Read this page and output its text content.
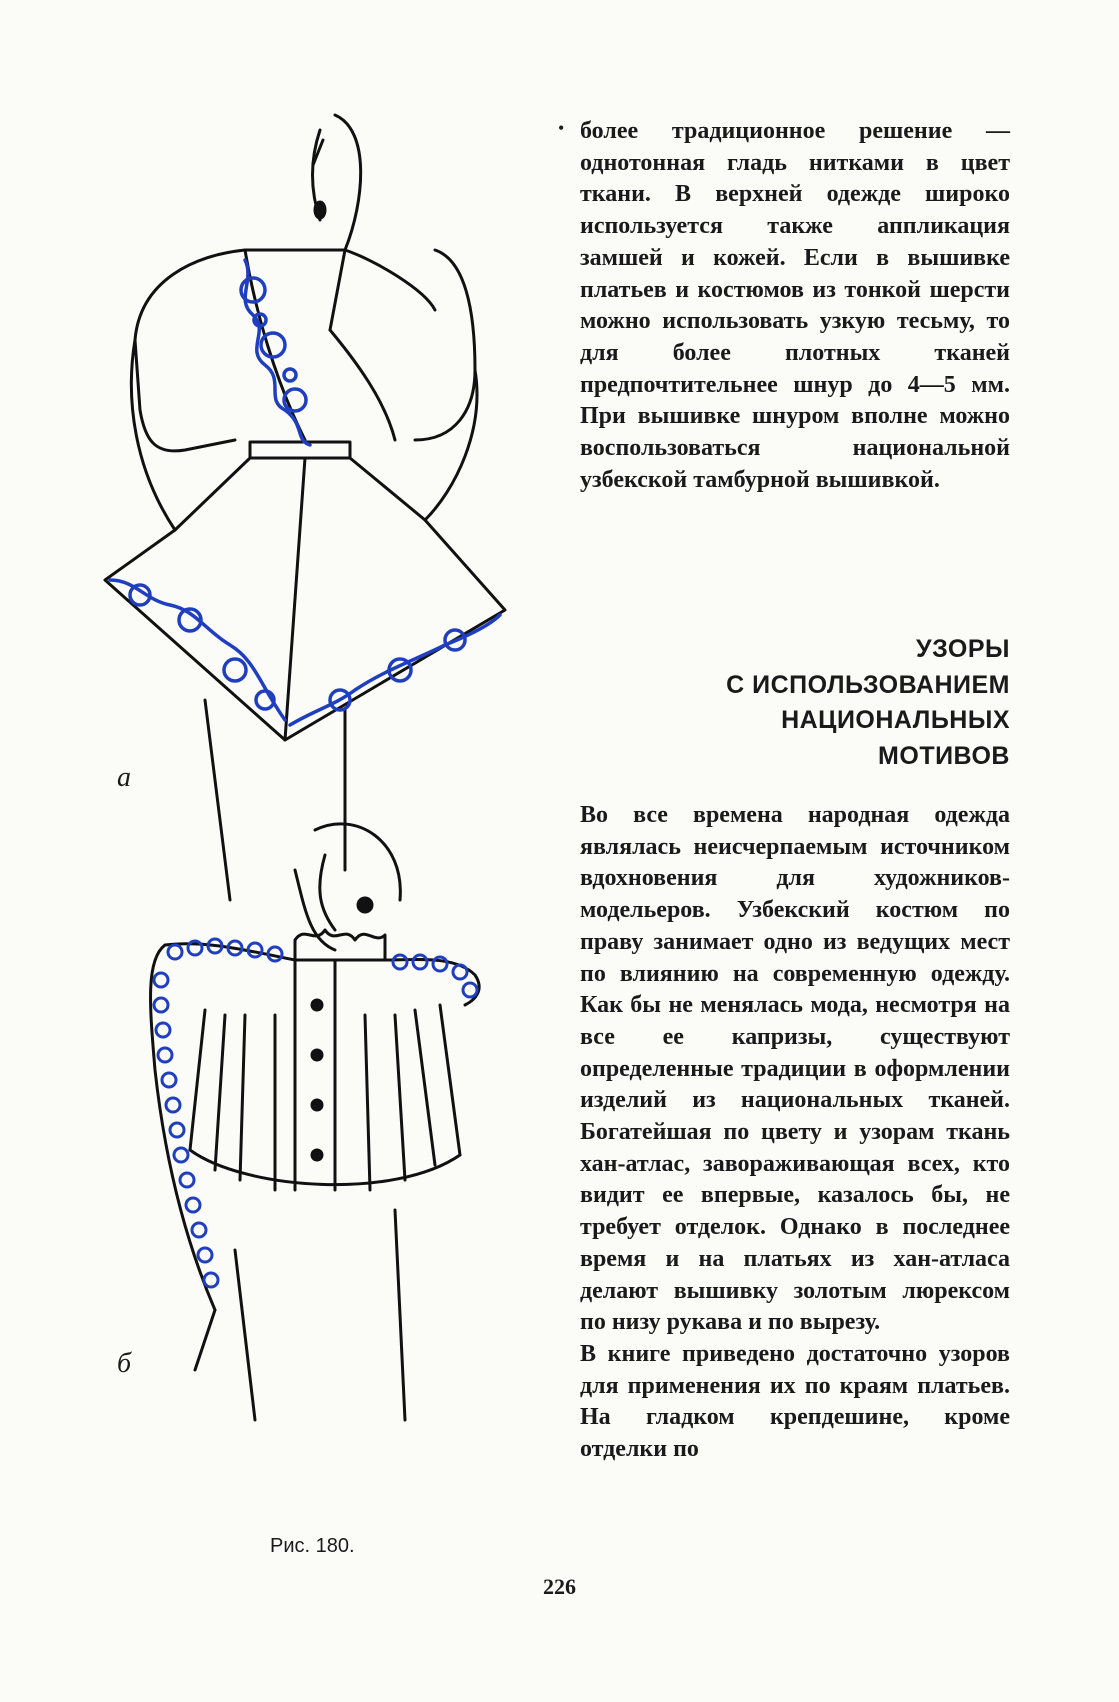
•
а
б
Рис. 180.

более традиционное решение — однотонная гладь нитками в цвет ткани. В верхней одежде широко используется также аппликация замшей и кожей. Если в вышивке платьев и костюмов из тонкой шерсти можно использовать узкую тесьму, то для более плотных тканей предпочтительнее шнур до 4—5 мм. При вышивке шнуром вполне можно воспользоваться национальной узбекской тамбурной вышивкой.

УЗОРЫ
С ИСПОЛЬЗОВАНИЕМ
НАЦИОНАЛЬНЫХ
МОТИВОВ

Во все времена народная одежда являлась неисчерпаемым источником вдохновения для художников-модельеров. Узбекский костюм по праву занимает одно из ведущих мест по влиянию на современную одежду. Как бы не менялась мода, несмотря на все ее капризы, существуют определенные традиции в оформлении изделий из национальных тканей. Богатейшая по цвету и узорам ткань хан-атлас, завораживающая всех, кто видит ее впервые, казалось бы, не требует отделок. Однако в последнее время и на платьях из хан-атласа делают вышивку золотым люрексом по низу рукава и по вырезу.

В книге приведено достаточно узоров для применения их по краям платьев. На гладком крепдешине, кроме отделки по

226
